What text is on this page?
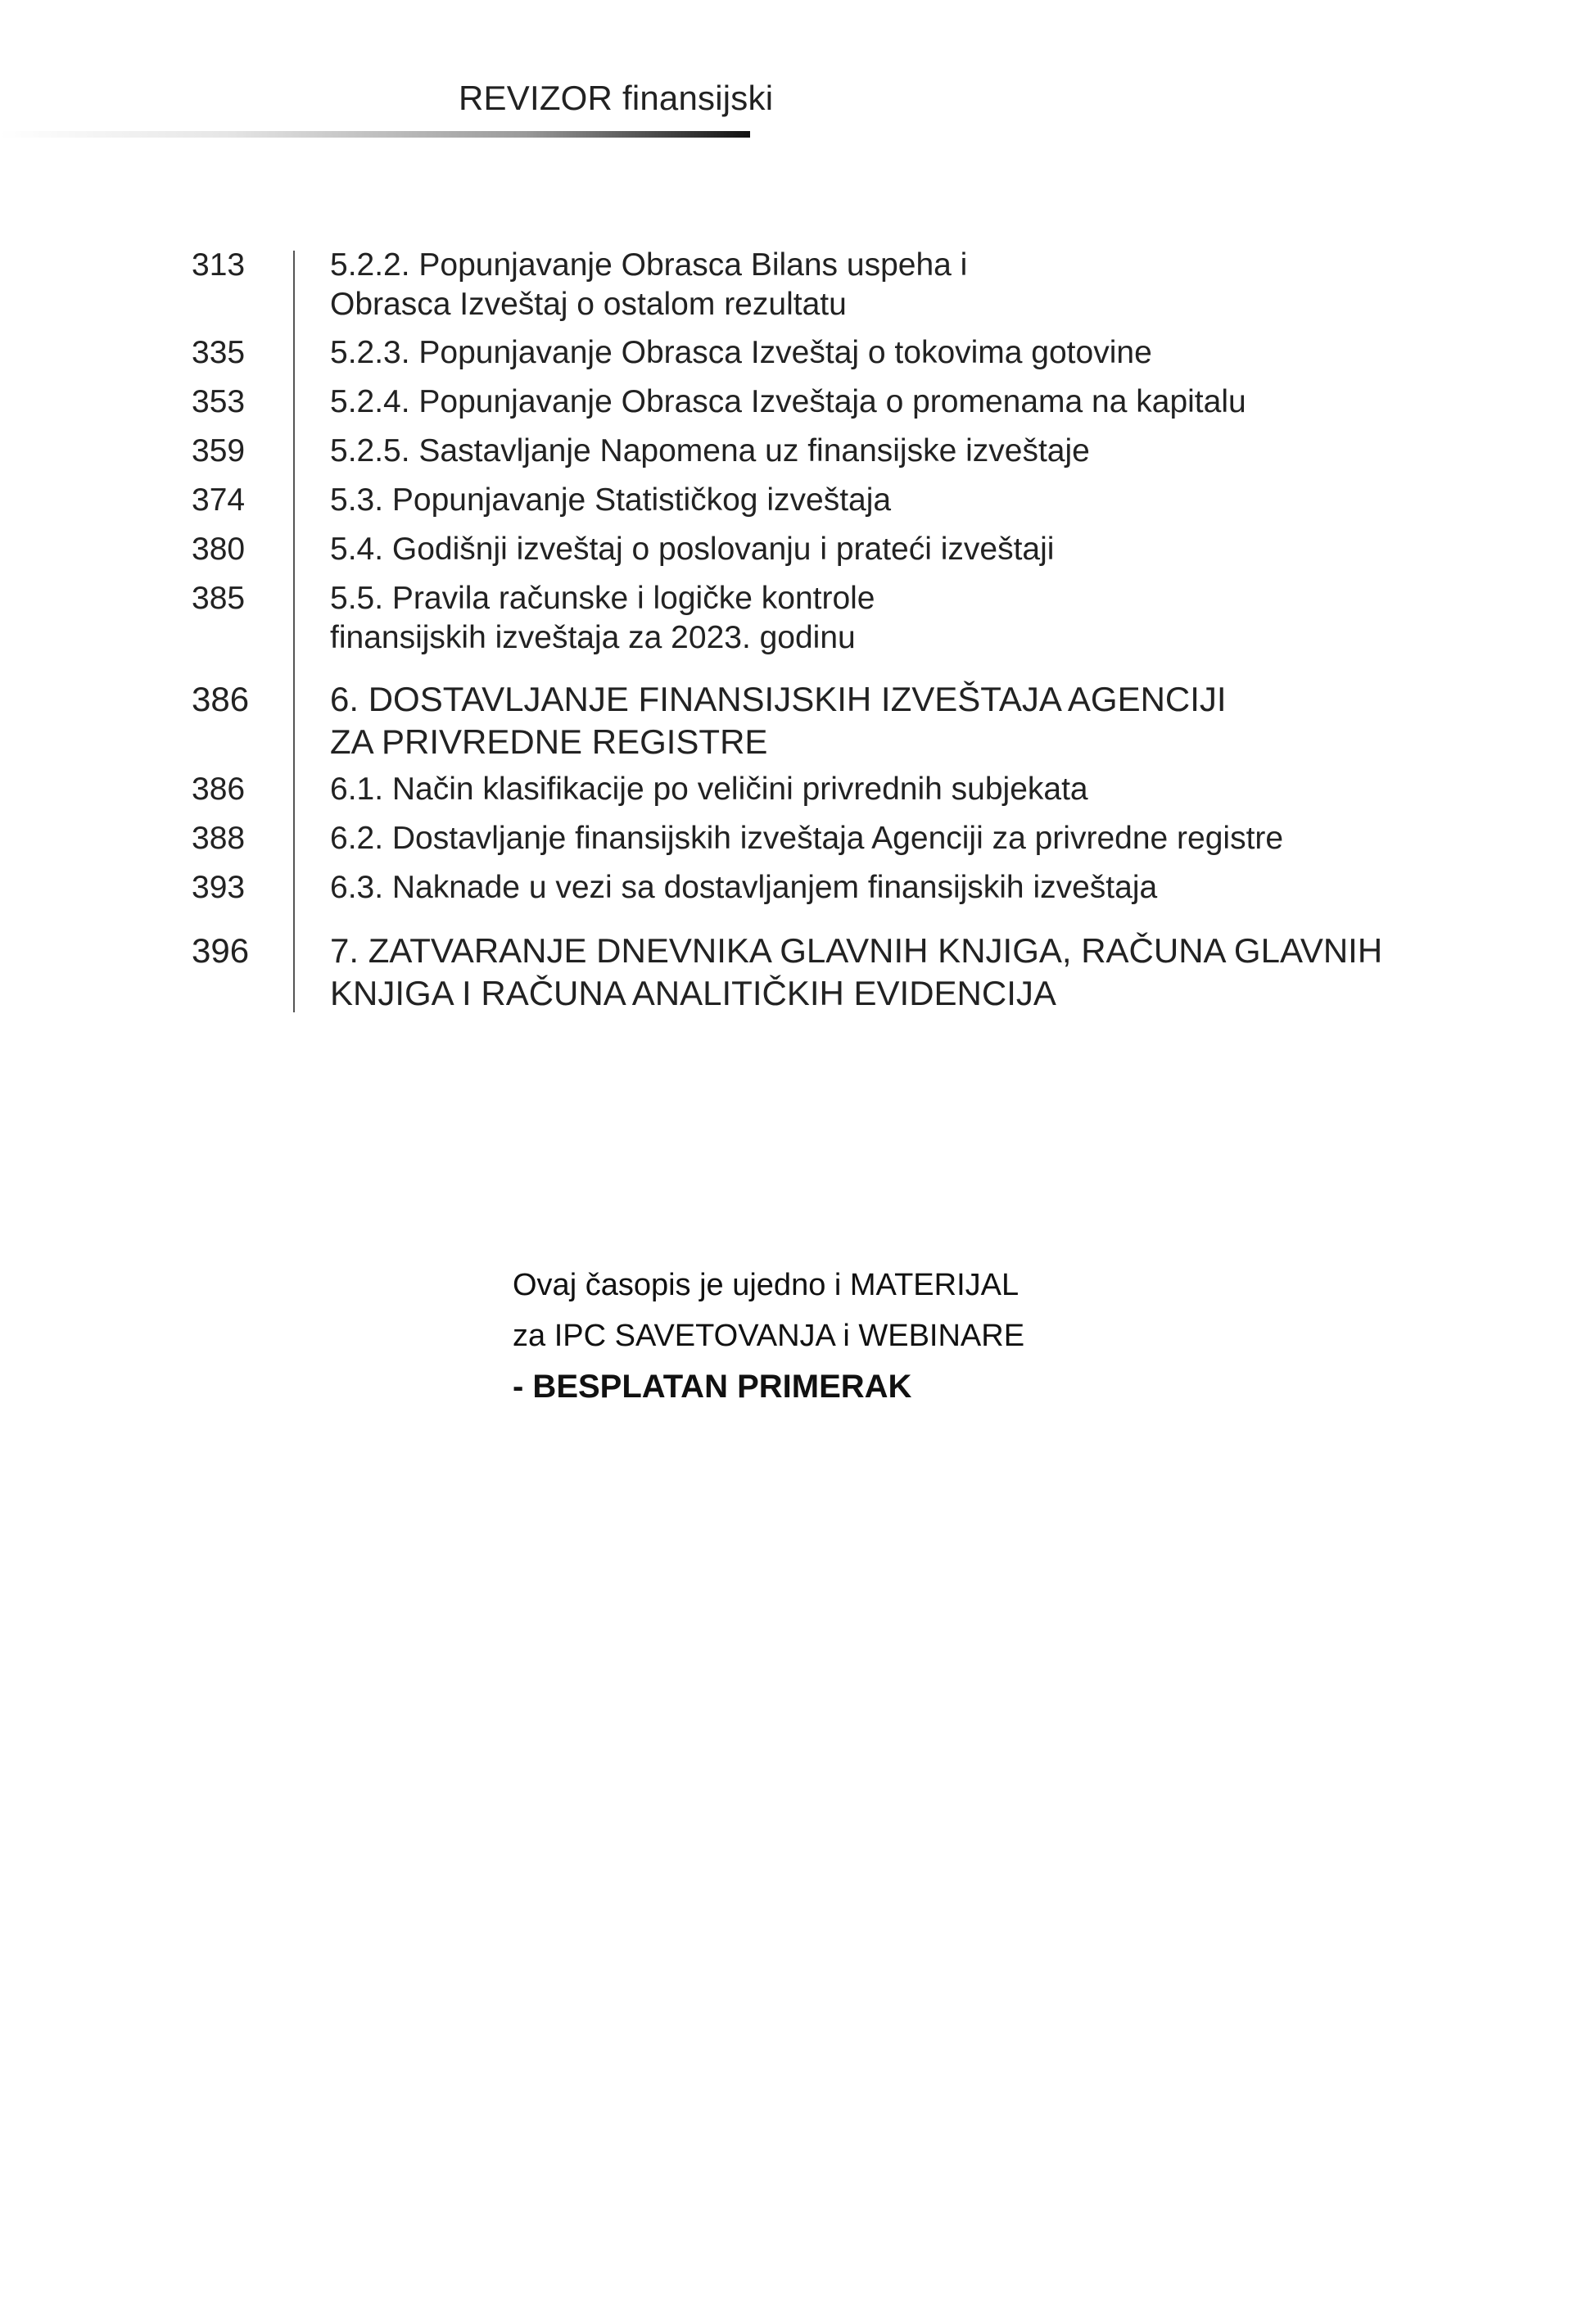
REVIZOR finansijski
313	5.2.2. Popunjavanje Obrasca Bilans uspeha i
Obrasca Izveštaj o ostalom rezultatu
335	5.2.3. Popunjavanje Obrasca Izveštaj o tokovima gotovine
353	5.2.4. Popunjavanje Obrasca Izveštaja o promenama na kapitalu
359	5.2.5. Sastavljanje Napomena uz finansijske izveštaje
374	5.3. Popunjavanje Statističkog izveštaja
380	5.4. Godišnji izveštaj o poslovanju i prateći izveštaji
385	5.5. Pravila računske i logičke kontrole
finansijskih izveštaja za 2023. godinu
386	6. DOSTAVLJANJE FINANSIJSKIH IZVEŠTAJA AGENCIJI
ZA PRIVREDNE REGISTRE
386	6.1. Način klasifikacije po veličini privrednih subjekata
388	6.2. Dostavljanje finansijskih izveštaja Agenciji za privredne registre
393	6.3. Naknade u vezi sa dostavljanjem finansijskih izveštaja
396	7. ZATVARANJE DNEVNIKA GLAVNIH KNJIGA, RAČUNA GLAVNIH
KNJIGA I RAČUNA ANALITIČKIH EVIDENCIJA
Ovaj časopis je ujedno i MATERIJAL
za IPC SAVETOVANJA i WEBINARE
- BESPLATAN PRIMERAK
